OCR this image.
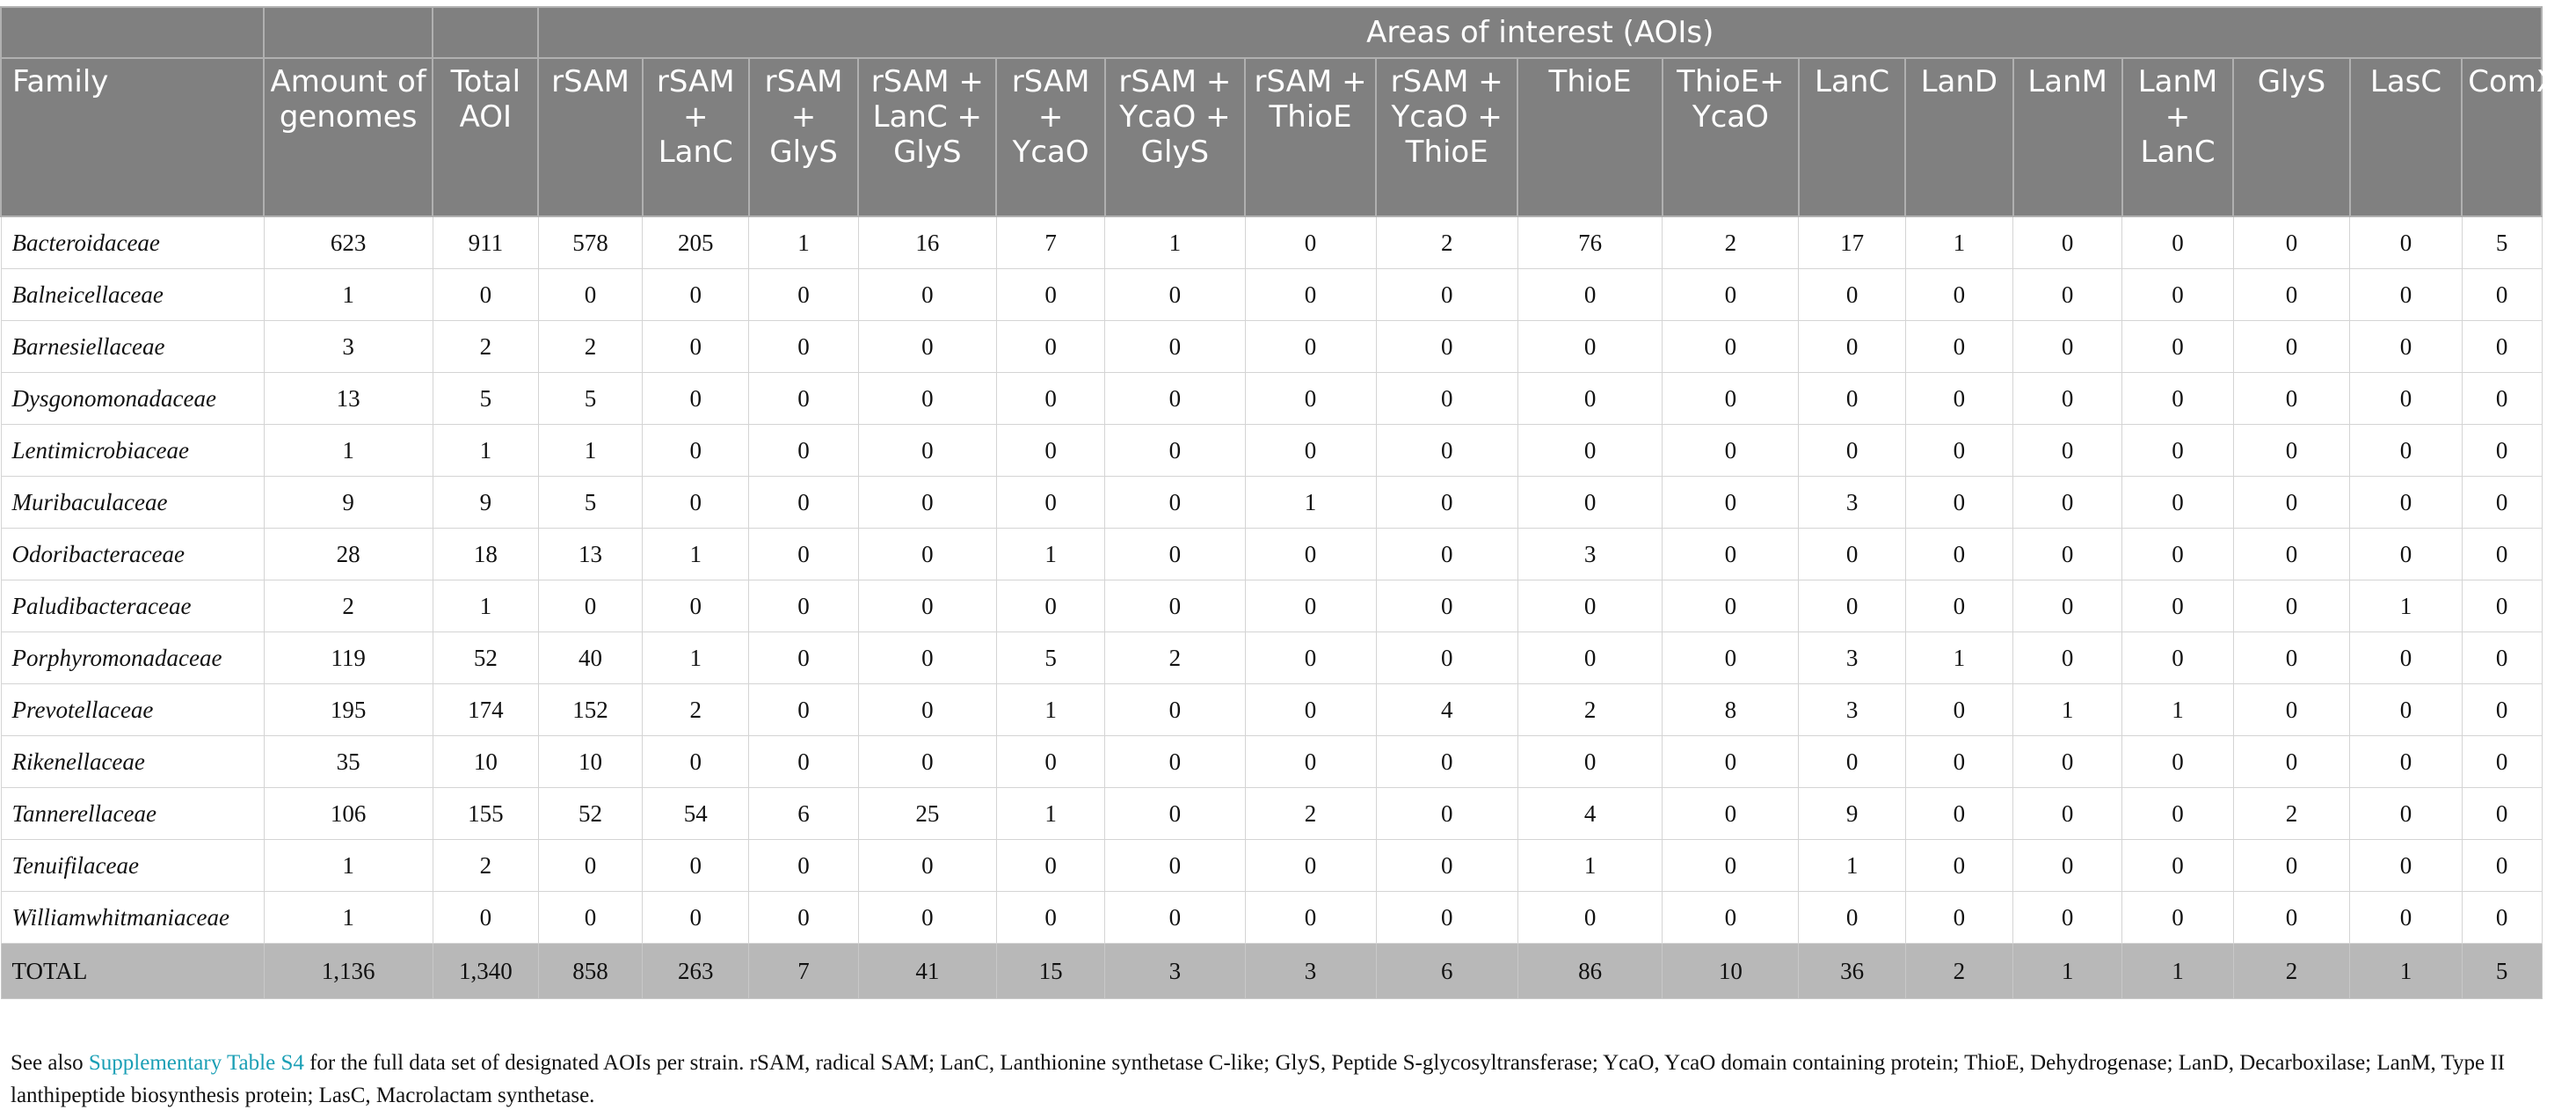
			Areas of interest (AOIs)																
Family	Amount of genomes	Total AOI	rSAM	rSAM + LanC	rSAM + GlyS	rSAM + LanC + GlyS	rSAM + YcaO	rSAM + YcaO + GlyS	rSAM + ThioE	rSAM + YcaO + ThioE	ThioE	ThioE+ YcaO	LanC	LanD	LanM	LanM + LanC	GlyS	LasC	ComX1
Bacteroidaceae	623	911	578	205	1	16	7	1	0	2	76	2	17	1	0	0	0	0	5
Balneicellaceae	1	0	0	0	0	0	0	0	0	0	0	0	0	0	0	0	0	0	0
Barnesiellaceae	3	2	2	0	0	0	0	0	0	0	0	0	0	0	0	0	0	0	0
Dysgonomonadaceae	13	5	5	0	0	0	0	0	0	0	0	0	0	0	0	0	0	0	0
Lentimicrobiaceae	1	1	1	0	0	0	0	0	0	0	0	0	0	0	0	0	0	0	0
Muribaculaceae	9	9	5	0	0	0	0	0	1	0	0	0	3	0	0	0	0	0	0
Odoribacteraceae	28	18	13	1	0	0	1	0	0	0	3	0	0	0	0	0	0	0	0
Paludibacteraceae	2	1	0	0	0	0	0	0	0	0	0	0	0	0	0	0	0	1	0
Porphyromonadaceae	119	52	40	1	0	0	5	2	0	0	0	0	3	1	0	0	0	0	0
Prevotellaceae	195	174	152	2	0	0	1	0	0	4	2	8	3	0	1	1	0	0	0
Rikenellaceae	35	10	10	0	0	0	0	0	0	0	0	0	0	0	0	0	0	0	0
Tannerellaceae	106	155	52	54	6	25	1	0	2	0	4	0	9	0	0	0	2	0	0
Tenuifilaceae	1	2	0	0	0	0	0	0	0	0	1	0	1	0	0	0	0	0	0
Williamwhitmaniaceae	1	0	0	0	0	0	0	0	0	0	0	0	0	0	0	0	0	0	0
TOTAL	1,136	1,340	858	263	7	41	15	3	3	6	86	10	36	2	1	1	2	1	5

See also Supplementary Table S4 for the full data set of designated AOIs per strain. rSAM, radical SAM; LanC, Lanthionine synthetase C-like; GlyS, Peptide S-glycosyltransferase; YcaO, YcaO domain containing protein; ThioE, Dehydrogenase; LanD, Decarboxilase; LanM, Type II lanthipeptide biosynthesis protein; LasC, Macrolactam synthetase.
